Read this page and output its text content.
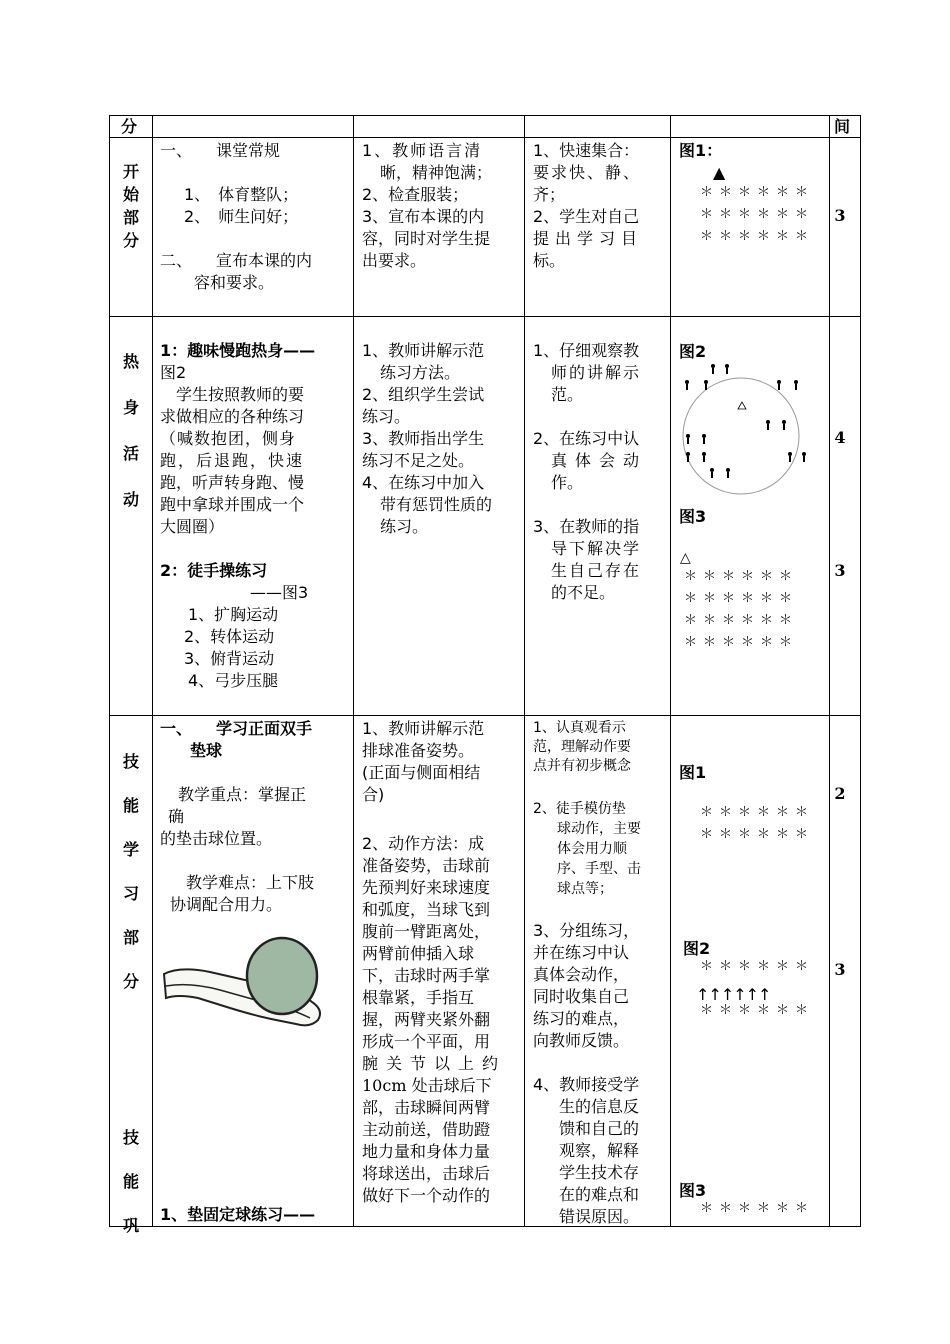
分	间
开
始
部
分
一、　　课堂常规
1、　体育整队；
2、　师生问好；
二、　　宣布本课的内
容和要求。
1、教师语言清
晰，精神饱满；
2、检查服装；
3、宣布本课的内
容，同时对学生提
出要求。
1、快速集合：
要求快、静、
齐；
2、学生对自己
提出学习目
标。
图1：
▲
＊＊＊＊＊＊
＊＊＊＊＊＊
＊＊＊＊＊＊
3
热
身
活
动
1：趣味慢跑热身——
图2
　学生按照教师的要
求做相应的各种练习
（喊数抱团，侧身
跑，后退跑，快速
跑，听声转身跑、慢
跑中拿球并围成一个
大圆圈）
2：徒手操练习
——图3
1、扩胸运动
2、转体运动
3、俯背运动
4、弓步压腿
1、教师讲解示范
练习方法。
2、组织学生尝试
练习。
3、教师指出学生
练习不足之处。
4、在练习中加入
带有惩罚性质的
练习。
1、仔细观察教
师的讲解示
范。
2、在练习中认
真体会动
作。
3、在教师的指
导下解决学
生自己存在
的不足。
图2
图3
△
＊＊＊＊＊＊
＊＊＊＊＊＊
＊＊＊＊＊＊
＊＊＊＊＊＊
4
3
技
能
学
习
部
分
技
能
巩
一、　　学习正面双手
垫球
教学重点：掌握正
确
的垫击球位置。
教学难点：上下肢
协调配合用力。
1、垫固定球练习——
1、教师讲解示范
排球准备姿势。
(正面与侧面相结
合)
2、动作方法：成
准备姿势，击球前
先预判好来球速度
和弧度，当球飞到
腹前一臂距离处，
两臂前伸插入球
下，击球时两手掌
根靠紧，手指互
握，两臂夹紧外翻
形成一个平面，用
腕关节以上约
10cm 处击球后下
部，击球瞬间两臂
主动前送，借助蹬
地力量和身体力量
将球送出，击球后
做好下一个动作的
1、认真观看示
范，理解动作要
点并有初步概念
2、徒手模仿垫
球动作，主要
体会用力顺
序、手型、击
球点等；
3、分组练习，
并在练习中认
真体会动作，
同时收集自己
练习的难点，
向教师反馈。
4、教师接受学
生的信息反
馈和自己的
观察，解释
学生技术存
在的难点和
错误原因。
图1
＊＊＊＊＊＊
＊＊＊＊＊＊
图2
＊＊＊＊＊＊
↑↑↑↑↑↑
＊＊＊＊＊＊
图3
＊＊＊＊＊＊
2
3
